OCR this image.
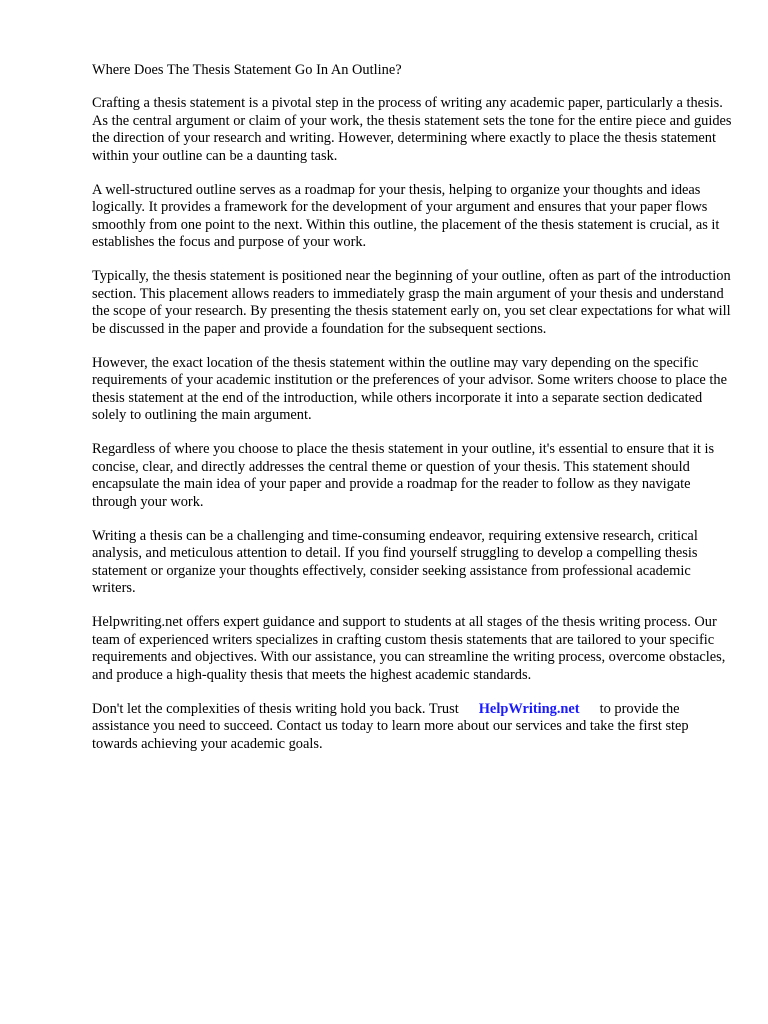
Where Does The Thesis Statement Go In An Outline?

Crafting a thesis statement is a pivotal step in the process of writing any academic paper, particularly a thesis. As the central argument or claim of your work, the thesis statement sets the tone for the entire piece and guides the direction of your research and writing. However, determining where exactly to place the thesis statement within your outline can be a daunting task.

A well-structured outline serves as a roadmap for your thesis, helping to organize your thoughts and ideas logically. It provides a framework for the development of your argument and ensures that your paper flows smoothly from one point to the next. Within this outline, the placement of the thesis statement is crucial, as it establishes the focus and purpose of your work.

Typically, the thesis statement is positioned near the beginning of your outline, often as part of the introduction section. This placement allows readers to immediately grasp the main argument of your thesis and understand the scope of your research. By presenting the thesis statement early on, you set clear expectations for what will be discussed in the paper and provide a foundation for the subsequent sections.

However, the exact location of the thesis statement within the outline may vary depending on the specific requirements of your academic institution or the preferences of your advisor. Some writers choose to place the thesis statement at the end of the introduction, while others incorporate it into a separate section dedicated solely to outlining the main argument.

Regardless of where you choose to place the thesis statement in your outline, it's essential to ensure that it is concise, clear, and directly addresses the central theme or question of your thesis. This statement should encapsulate the main idea of your paper and provide a roadmap for the reader to follow as they navigate through your work.

Writing a thesis can be a challenging and time-consuming endeavor, requiring extensive research, critical analysis, and meticulous attention to detail. If you find yourself struggling to develop a compelling thesis statement or organize your thoughts effectively, consider seeking assistance from professional academic writers.

Helpwriting.net offers expert guidance and support to students at all stages of the thesis writing process. Our team of experienced writers specializes in crafting custom thesis statements that are tailored to your specific requirements and objectives. With our assistance, you can streamline the writing process, overcome obstacles, and produce a high-quality thesis that meets the highest academic standards.

Don't let the complexities of thesis writing hold you back. Trust HelpWriting.net to provide the assistance you need to succeed. Contact us today to learn more about our services and take the first step towards achieving your academic goals.
